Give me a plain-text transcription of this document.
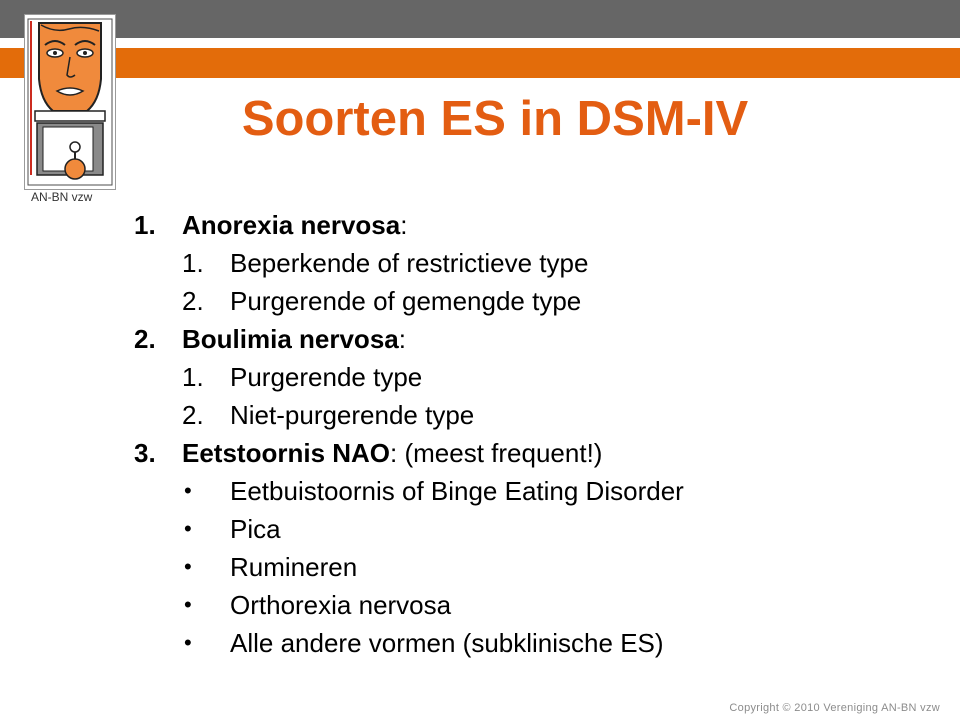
AN-BN vzw
Soorten ES in DSM-IV
1. Anorexia nervosa:
1. Beperkende of restrictieve type
2. Purgerende of gemengde type
2. Boulimia nervosa:
1. Purgerende type
2. Niet-purgerende type
3. Eetstoornis NAO: (meest frequent!)
• Eetbuistoornis of Binge Eating Disorder
• Pica
• Rumineren
• Orthorexia nervosa
• Alle andere vormen (subklinische ES)
Copyright © 2010 Vereniging AN-BN vzw
